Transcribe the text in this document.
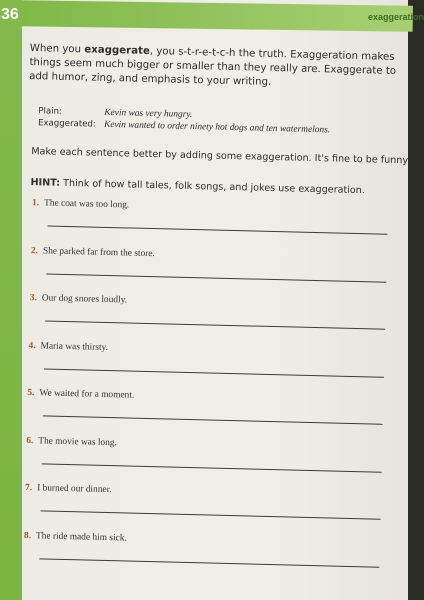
36	exaggeration

When you exaggerate, you s-t-r-e-t-c-h the truth. Exaggeration makes things seem much bigger or smaller than they really are. Exaggerate to add humor, zing, and emphasis to your writing.

Plain:	Kevin was very hungry.
Exaggerated: Kevin wanted to order ninety hot dogs and ten watermelons.
Make each sentence better by adding some exaggeration. It's fine to be funny!
HINT: Think of how tall tales, folk songs, and jokes use exaggeration.
1. The coat was too long.
2. She parked far from the store.
3. Our dog snores loudly.
4. Maria was thirsty.
5. We waited for a moment.
6. The movie was long.
7. I burned our dinner.
8. The ride made him sick.
